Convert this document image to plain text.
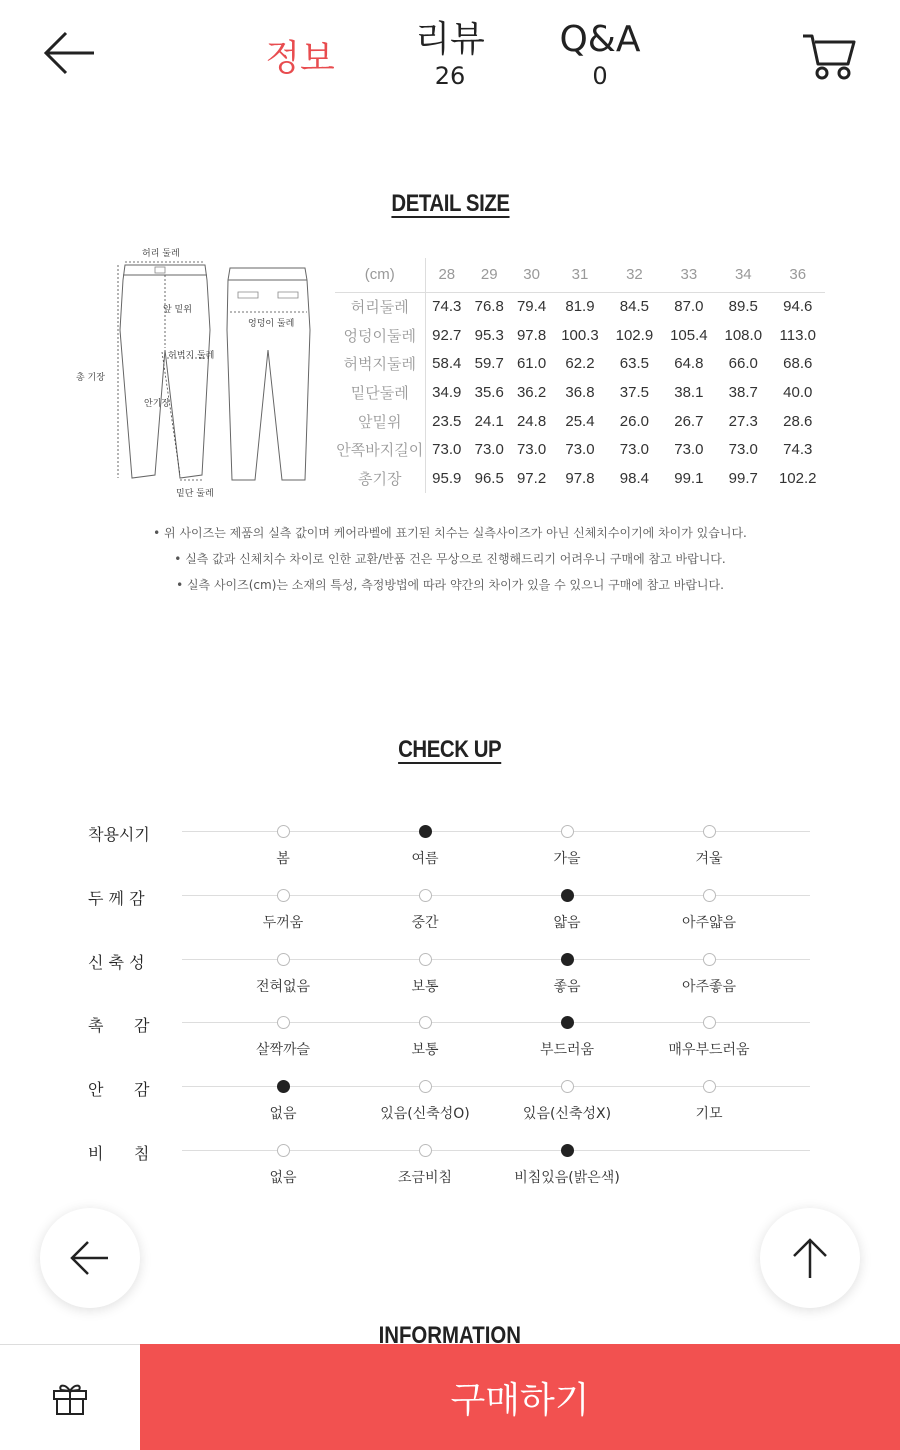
정보	리뷰
26
Q&A
0
DETAIL SIZE
허리 둘레
앞 밑위
엉덩이 둘레
허벅지 둘레
총 기장
안기장
밑단 둘레
(cm)	28	29	30	31	32	33	34	36
허리둘레	74.3	76.8	79.4	81.9	84.5	87.0	89.5	94.6
엉덩이둘레	92.7	95.3	97.8	100.3	102.9	105.4	108.0	113.0
허벅지둘레	58.4	59.7	61.0	62.2	63.5	64.8	66.0	68.6
밑단둘레	34.9	35.6	36.2	36.8	37.5	38.1	38.7	40.0
앞밑위	23.5	24.1	24.8	25.4	26.0	26.7	27.3	28.6
안쪽바지길이	73.0	73.0	73.0	73.0	73.0	73.0	73.0	74.3
총기장	95.9	96.5	97.2	97.8	98.4	99.1	99.7	102.2
• 위 사이즈는 제품의 실측 값이며 케어라벨에 표기된 치수는 실측사이즈가 아닌 신체치수이기에 차이가 있습니다.
• 실측 값과 신체치수 차이로 인한 교환/반품 건은 무상으로 진행해드리기 어려우니 구매에 참고 바랍니다.
• 실측 사이즈(cm)는 소재의 특성, 측정방법에 따라 약간의 차이가 있을 수 있으니 구매에 참고 바랍니다.
CHECK UP
착용시기
봄	여름	가을	겨울
두 께 감
두꺼움	중간	얇음	아주얇음
신 축 성
전혀없음	보통	좋음	아주좋음
촉      감
살짝까슬	보통	부드러움	매우부드러움
안      감
없음	있음(신축성O)	있음(신축성X)	기모
비      침
없음	조금비침	비침있음(밝은색)
INFORMATION
구매하기
